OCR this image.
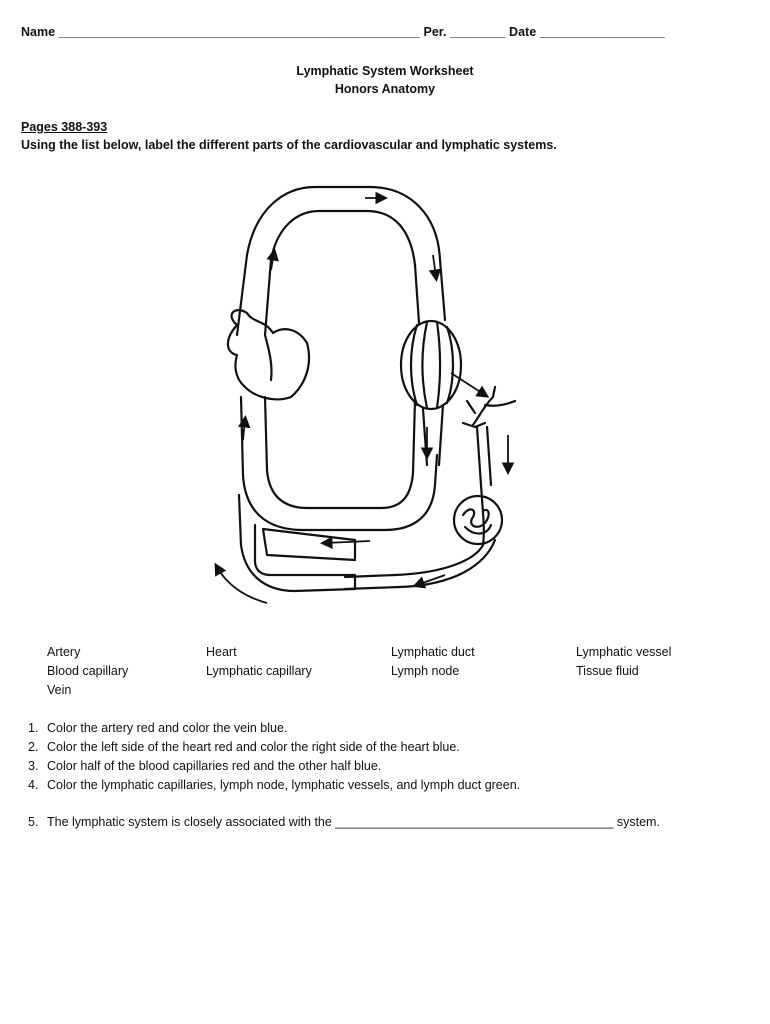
Name ____________________________________________________ Per. ________ Date __________________
Lymphatic System Worksheet
Honors Anatomy
Pages 388-393
Using the list below, label the different parts of the cardiovascular and lymphatic systems.
Artery
Blood capillary
Vein
Heart
Lymphatic capillary
Lymphatic duct
Lymph node
Lymphatic vessel
Tissue fluid
1. Color the artery red and color the vein blue.
2. Color the left side of the heart red and color the right side of the heart blue.
3. Color half of the blood capillaries red and the other half blue.
4. Color the lymphatic capillaries, lymph node, lymphatic vessels, and lymph duct green.
5. The lymphatic system is closely associated with the ________________________________________ system.
